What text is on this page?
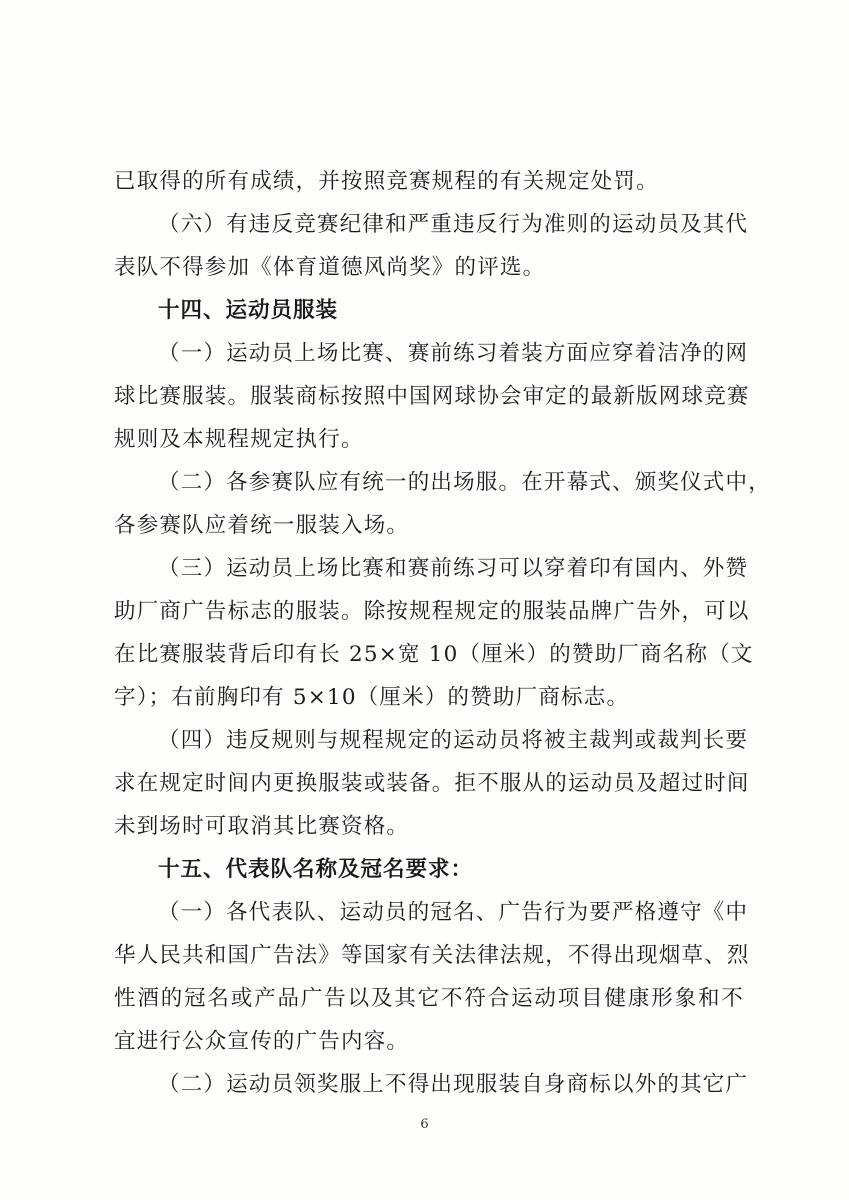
已取得的所有成绩，并按照竞赛规程的有关规定处罚。
（六）有违反竞赛纪律和严重违反行为准则的运动员及其代
表队不得参加《体育道德风尚奖》的评选。
十四、运动员服装
（一）运动员上场比赛、赛前练习着装方面应穿着洁净的网
球比赛服装。服装商标按照中国网球协会审定的最新版网球竞赛
规则及本规程规定执行。
（二）各参赛队应有统一的出场服。在开幕式、颁奖仪式中，
各参赛队应着统一服装入场。
（三）运动员上场比赛和赛前练习可以穿着印有国内、外赞
助厂商广告标志的服装。除按规程规定的服装品牌广告外，可以
在比赛服装背后印有长 25×宽 10（厘米）的赞助厂商名称（文
字）；右前胸印有 5×10（厘米）的赞助厂商标志。
（四）违反规则与规程规定的运动员将被主裁判或裁判长要
求在规定时间内更换服装或装备。拒不服从的运动员及超过时间
未到场时可取消其比赛资格。
十五、代表队名称及冠名要求：
（一）各代表队、运动员的冠名、广告行为要严格遵守《中
华人民共和国广告法》等国家有关法律法规，不得出现烟草、烈
性酒的冠名或产品广告以及其它不符合运动项目健康形象和不
宜进行公众宣传的广告内容。
（二）运动员领奖服上不得出现服装自身商标以外的其它广
6
